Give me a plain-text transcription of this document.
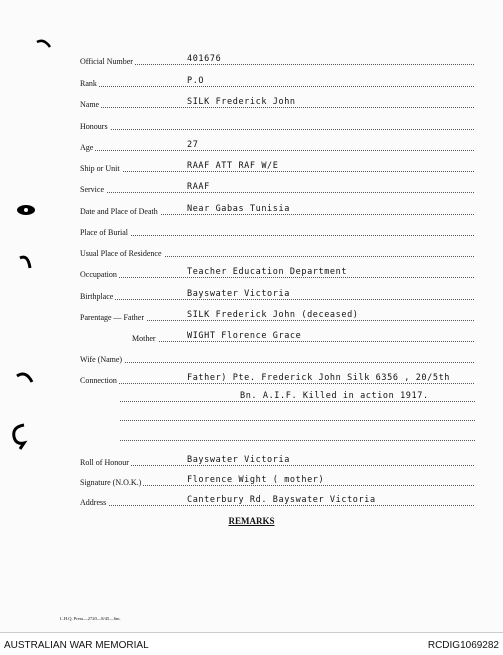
Official Number	401676
Rank	P.O
Name	SILK Frederick John
Honours
Age	27
Ship or Unit	RAAF ATT RAF W/E
Service	RAAF
Date and Place of Death	Near Gabas Tunisia
Place of Burial
Usual Place of Residence
Occupation	Teacher Education Department
Birthplace	Bayswater Victoria
Parentage — Father	SILK Frederick John (deceased)
Mother	WIGHT Florence Grace
Wife (Name)
Connection	Father) Pte. Frederick John Silk 6356 , 20/5th
Bn. A.I.F. Killed in action 1917.
Roll of Honour	Bayswater Victoria
Signature (N.O.K.)	Florence Wight ( mother)
Address	Canterbury Rd. Bayswater Victoria
REMARKS
L.H.Q. Press—2720—8/45—6m.
AUSTRALIAN WAR MEMORIAL	RCDIG1069282
